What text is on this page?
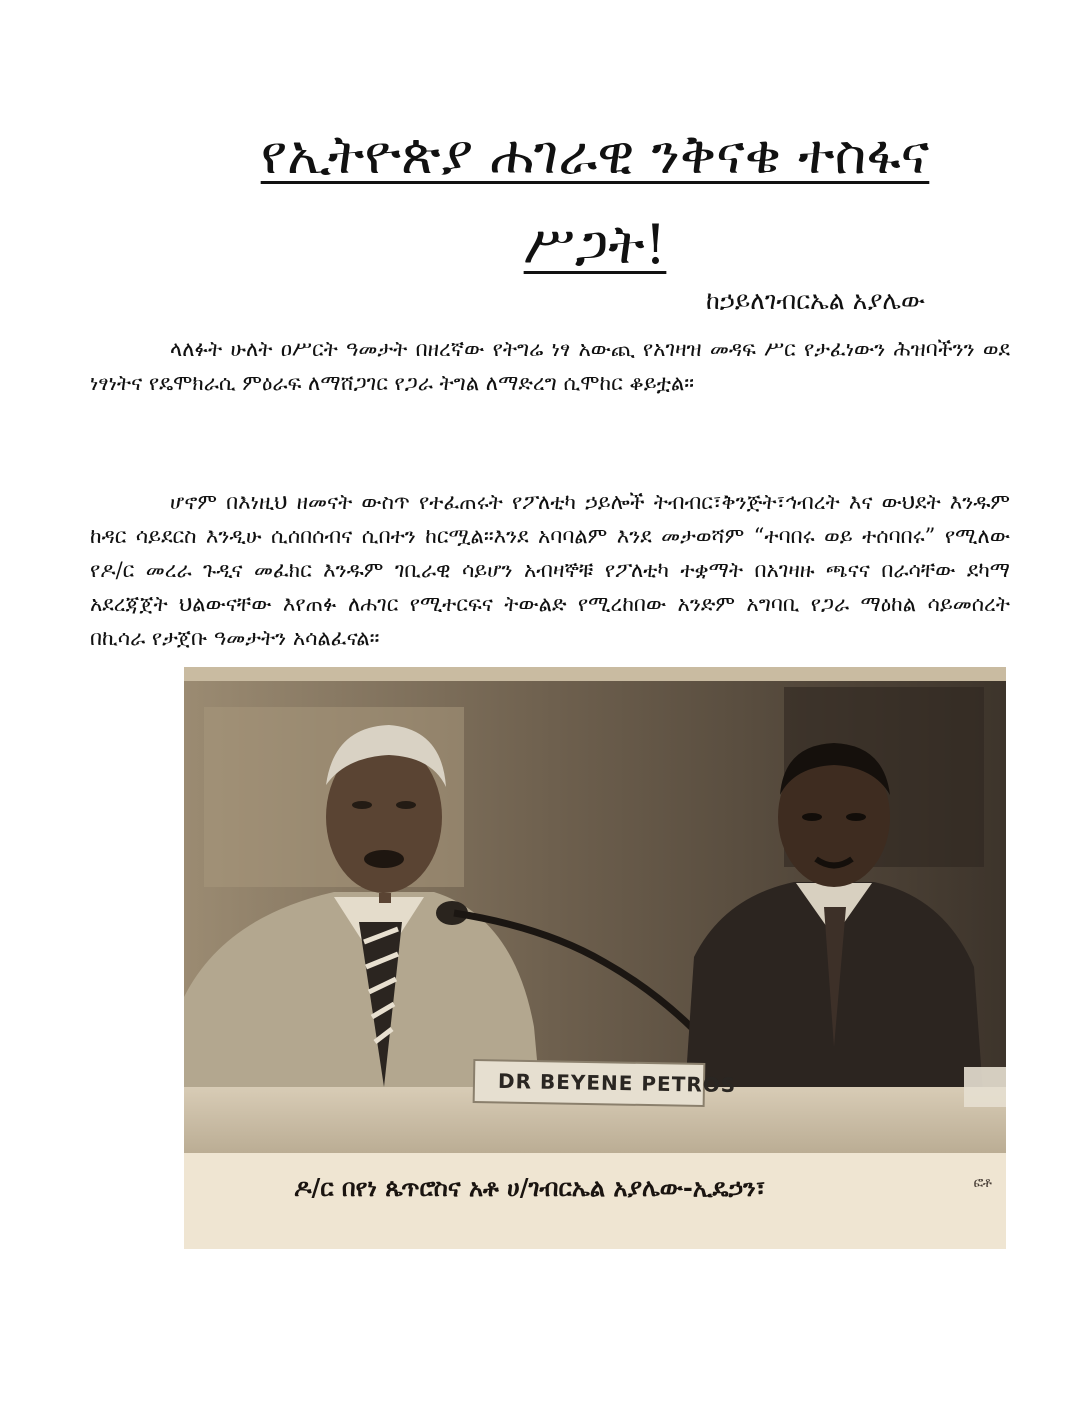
የኢትዮጵያ ሐገራዊ ንቅናቄ ተስፋና
ሥጋት!
ከኃይለገብርኤል አያሌው

ላለፉት ሁለት ዐሥርት ዓመታት በዘረኛው የትግሬ ነፃ አውጪ የአገዛዝ መዳፍ ሥር የታፈነውን ሕዝባችንን ወደ ነፃነትና የዴሞክራሲ ምዕራፍ ለማሸጋገር የጋራ ትግል ለማድረግ ሲሞከር ቆይቷል።

ሆኖም በእነዚህ ዘመናት ውስጥ የተፈጠሩት የፖለቲካ ኃይሎች ትብብር፣ቅንጅት፣ኅብረት እና ውህደት እንዱም ከዳር ሳይደርስ እንዲሁ ሲሰበሰብና ሲበተን ከርሟል።እንደ አባባልም እንደ መታወሻም “ተባበሩ ወይ ተሰባበሩ” የሚለው የዶ/ር መረራ ጉዲና መፈክር እንዱም ገቢራዊ ሳይሆን አብዛኞቹ የፖለቲካ ተቋማት በአገዛዙ ጫናና በራሳቸው ደካማ አደረጃጀት ህልውናቸው እየጠፉ ለሐገር የሚተርፍና ትውልድ የሚረከበው አንድም አግባቢ የጋራ ማዕከል ሳይመሰረት በኪሳራ የታጀቡ ዓመታትን አሳልፈናል።

DR BEYENE PETROS
ዶ/ር በየነ ጴጥሮስና አቶ ሀ/ገብርኤል አያሌው-ኢዴኃን፣	ፎቶ
